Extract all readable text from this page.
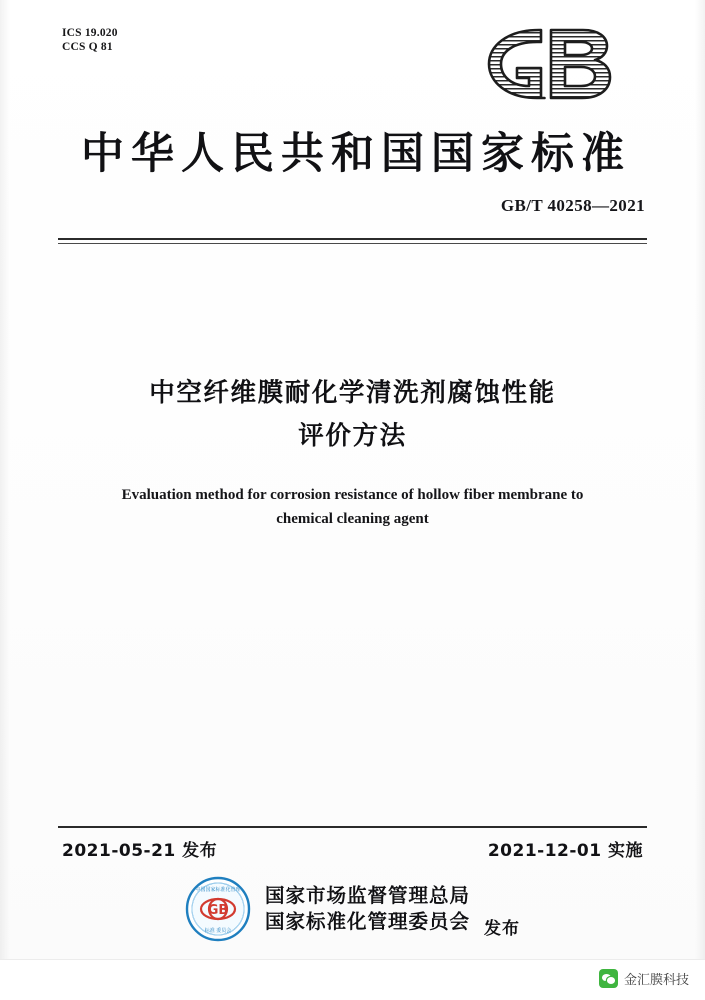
ICS 19.020
CCS Q 81
中华人民共和国国家标准
GB/T 40258—2021
中空纤维膜耐化学清洗剂腐蚀性能
评价方法
Evaluation method for corrosion resistance of hollow fiber membrane to
chemical cleaning agent
2021-05-21 发布	2021-12-01 实施
GB
中国国家标准化管理
标准 委员会
国家市场监督管理总局
国家标准化管理委员会 发布
金汇膜科技
